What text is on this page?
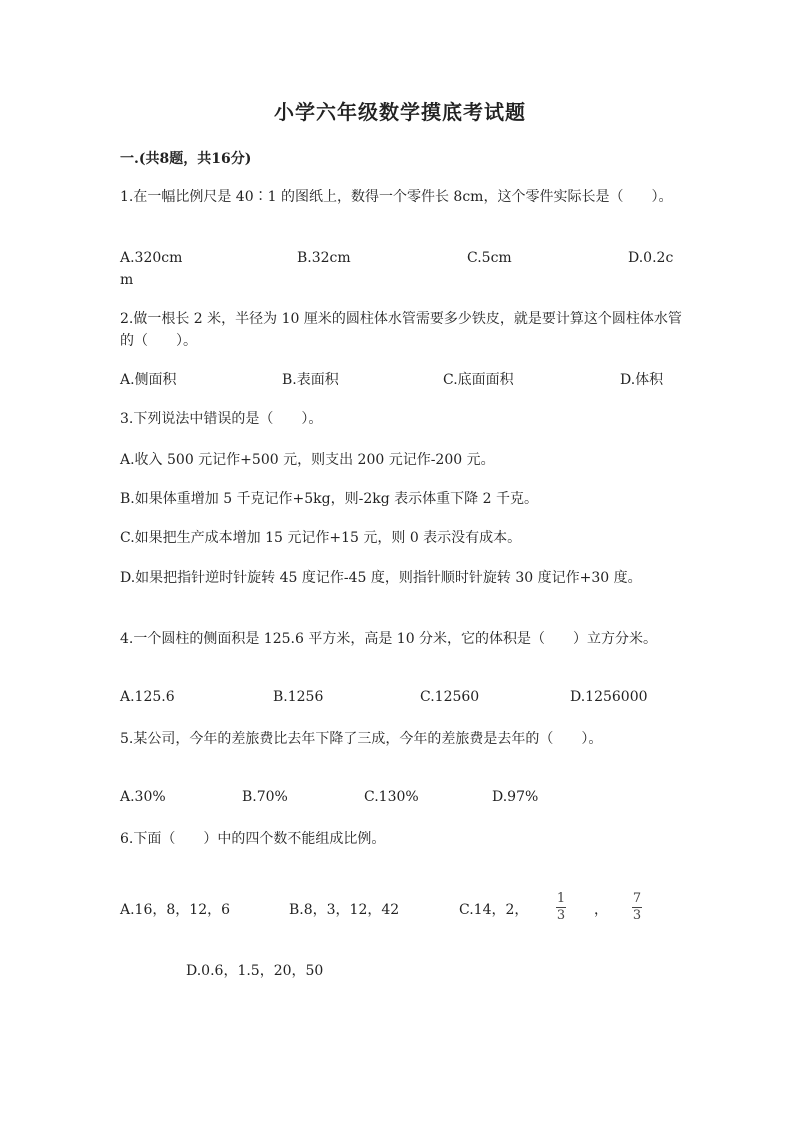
小学六年级数学摸底考试题
一.(共8题，共16分)
1.在一幅比例尺是 40∶1 的图纸上，数得一个零件长 8cm，这个零件实际长是（　　）。
A.320cm	B.32cm	C.5cm	D.0.2c
m
2.做一根长 2 米，半径为 10 厘米的圆柱体水管需要多少铁皮，就是要计算这个圆柱体水管的（　　）。
A.侧面积	B.表面积	C.底面面积	D.体积
3.下列说法中错误的是（　　）。
A.收入 500 元记作+500 元，则支出 200 元记作-200 元。
B.如果体重增加 5 千克记作+5kg，则-2kg 表示体重下降 2 千克。
C.如果把生产成本增加 15 元记作+15 元，则 0 表示没有成本。
D.如果把指针逆时针旋转 45 度记作-45 度，则指针顺时针旋转 30 度记作+30 度。
4.一个圆柱的侧面积是 125.6 平方米，高是 10 分米，它的体积是（　　）立方分米。
A.125.6	B.1256	C.12560	D.1256000
5.某公司，今年的差旅费比去年下降了三成，今年的差旅费是去年的（　　）。
A.30%	B.70%	C.130%	D.97%
6.下面（　　）中的四个数不能组成比例。
A.16，8，12，6	B.8，3，12，42	C.14，2，
1
3 ，
7
3
D.0.6，1.5，20，50
